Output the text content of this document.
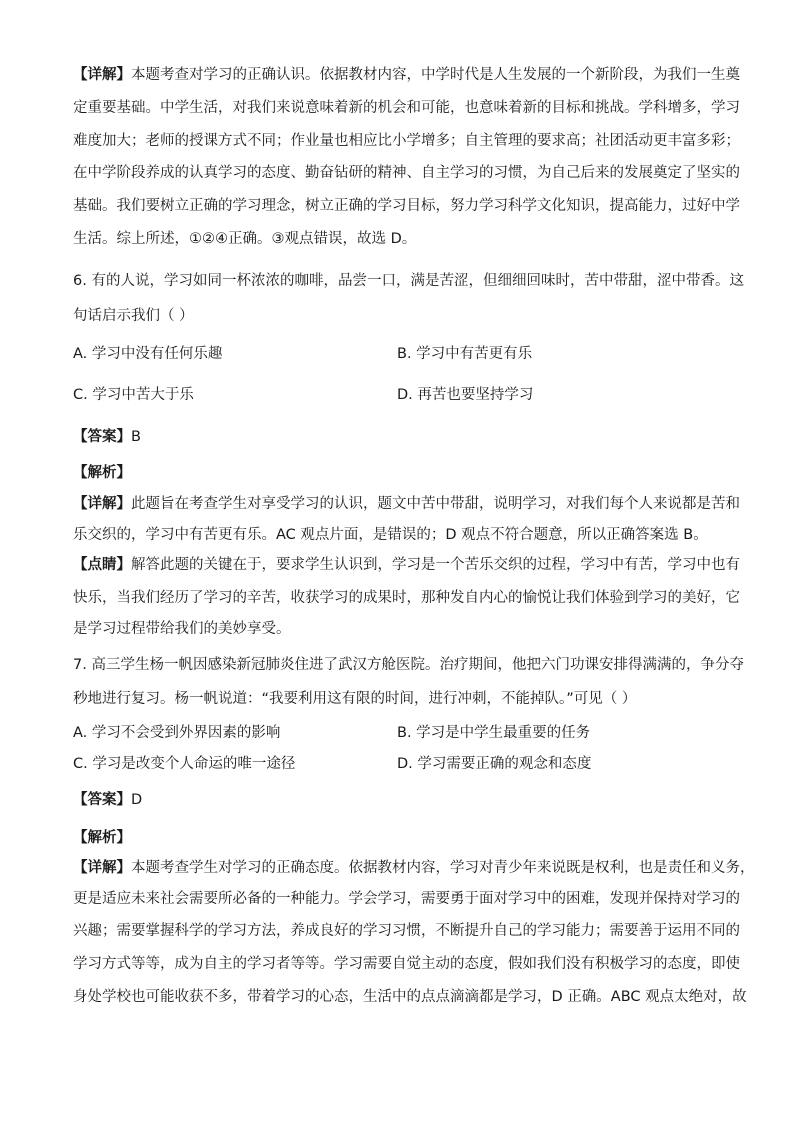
【详解】本题考查对学习的正确认识。依据教材内容，中学时代是人生发展的一个新阶段，为我们一生奠
定重要基础。中学生活，对我们来说意味着新的机会和可能，也意味着新的目标和挑战。学科增多，学习
难度加大；老师的授课方式不同；作业量也相应比小学增多；自主管理的要求高；社团活动更丰富多彩；
在中学阶段养成的认真学习的态度、勤奋钻研的精神、自主学习的习惯，为自己后来的发展奠定了坚实的
基础。我们要树立正确的学习理念，树立正确的学习目标，努力学习科学文化知识，提高能力，过好中学
生活。综上所述，①②④正确。③观点错误，故选 D。
6. 有的人说，学习如同一杯浓浓的咖啡，品尝一口，满是苦涩，但细细回味时，苦中带甜，涩中带香。这
句话启示我们（ ）
A. 学习中没有任何乐趣	B. 学习中有苦更有乐
C. 学习中苦大于乐	D. 再苦也要坚持学习
【答案】B
【解析】
【详解】此题旨在考查学生对享受学习的认识，题文中苦中带甜，说明学习，对我们每个人来说都是苦和
乐交织的，学习中有苦更有乐。AC 观点片面，是错误的；D 观点不符合题意，所以正确答案选 B。
【点睛】解答此题的关键在于，要求学生认识到，学习是一个苦乐交织的过程，学习中有苦，学习中也有
快乐，当我们经历了学习的辛苦，收获学习的成果时，那种发自内心的愉悦让我们体验到学习的美好，它
是学习过程带给我们的美妙享受。
7. 高三学生杨一帆因感染新冠肺炎住进了武汉方舱医院。治疗期间，他把六门功课安排得满满的，争分夺
秒地进行复习。杨一帆说道：“我要利用这有限的时间，进行冲刺，不能掉队。”可见（ ）
A. 学习不会受到外界因素的影响	B. 学习是中学生最重要的任务
C. 学习是改变个人命运的唯一途径	D. 学习需要正确的观念和态度
【答案】D
【解析】
【详解】本题考查学生对学习的正确态度。依据教材内容，学习对青少年来说既是权利，也是责任和义务，
更是适应未来社会需要所必备的一种能力。学会学习，需要勇于面对学习中的困难，发现并保持对学习的
兴趣；需要掌握科学的学习方法，养成良好的学习习惯，不断提升自己的学习能力；需要善于运用不同的
学习方式等等，成为自主的学习者等等。学习需要自觉主动的态度，假如我们没有积极学习的态度，即使
身处学校也可能收获不多，带着学习的心态，生活中的点点滴滴都是学习，D 正确。ABC 观点太绝对，故
